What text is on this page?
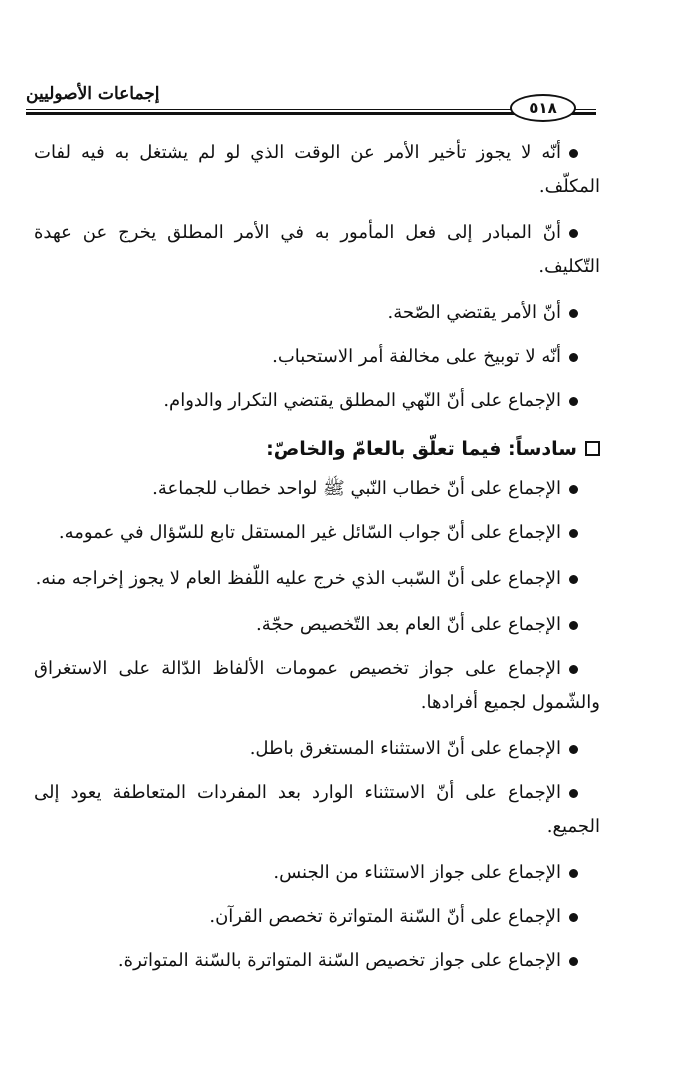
إجماعات الأصوليين
٥١٨

أنّه لا يجوز تأخير الأمر عن الوقت الذي لو لم يشتغل به فيه لفات المكلّف.

أنّ المبادر إلى فعل المأمور به في الأمر المطلق يخرج عن عهدة التّكليف.

أنّ الأمر يقتضي الصّحة.

أنّه لا توبيخ على مخالفة أمر الاستحباب.

الإجماع على أنّ النّهي المطلق يقتضي التكرار والدوام.

سادساً: فيما تعلّق بالعامّ والخاصّ:

الإجماع على أنّ خطاب النّبي ﷺ لواحد خطاب للجماعة.

الإجماع على أنّ جواب السّائل غير المستقل تابع للسّؤال في عمومه.

الإجماع على أنّ السّبب الذي خرج عليه اللّفظ العام لا يجوز إخراجه منه.

الإجماع على أنّ العام بعد التّخصيص حجّة.

الإجماع على جواز تخصيص عمومات الألفاظ الدّالة على الاستغراق والشّمول لجميع أفرادها.

الإجماع على أنّ الاستثناء المستغرق باطل.

الإجماع على أنّ الاستثناء الوارد بعد المفردات المتعاطفة يعود إلى الجميع.

الإجماع على جواز الاستثناء من الجنس.

الإجماع على أنّ السّنة المتواترة تخصص القرآن.

الإجماع على جواز تخصيص السّنة المتواترة بالسّنة المتواترة.
